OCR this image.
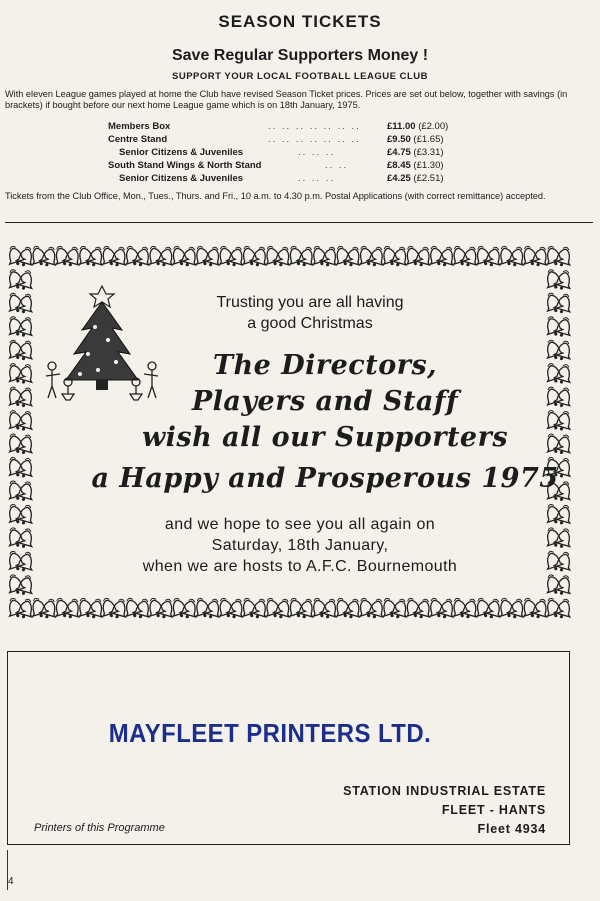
SEASON TICKETS
Save Regular Supporters Money !
SUPPORT YOUR LOCAL FOOTBALL LEAGUE CLUB
With eleven League games played at home the Club have revised Season Ticket prices. Prices are set out below, together with savings (in brackets) if bought before our next home League game which is on 18th January, 1975.
Members Box	.. .. .. .. .. .. ..	£11.00 (£2.00)
Centre Stand	.. .. .. .. .. .. ..	£9.50 (£1.65)
Senior Citizens & Juveniles	.. .. ..	£4.75 (£3.31)
South Stand Wings & North Stand	.. ..	£8.45 (£1.30)
Senior Citizens & Juveniles	.. .. ..	£4.25 (£2.51)
Tickets from the Club Office, Mon., Tues., Thurs. and Fri., 10 a.m. to 4.30 p.m. Postal Applications (with correct remittance) accepted.
Trusting you are all having
a good Christmas
The Directors,
Players and Staff
wish all our Supporters
a Happy and Prosperous 1975
and we hope to see you all again on
Saturday, 18th January,
when we are hosts to A.F.C. Bournemouth
MAYFLEET PRINTERS LTD.
STATION INDUSTRIAL ESTATE
FLEET - HANTS
Fleet 4934
Printers of this Programme
4
